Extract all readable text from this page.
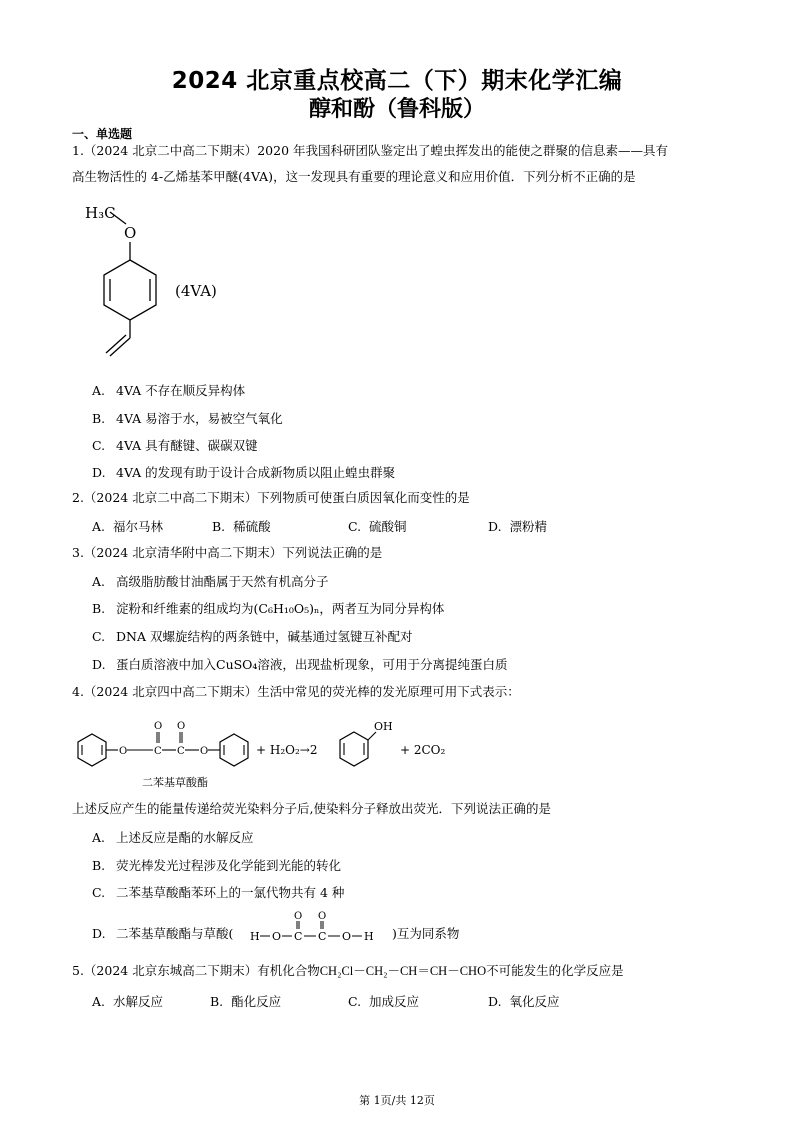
2024 北京重点校高二（下）期末化学汇编
醇和酚（鲁科版）
一、单选题
1.（2024 北京二中高二下期末）2020 年我国科研团队鉴定出了蝗虫挥发出的能使之群聚的信息素——具有
高生物活性的 4-乙烯基苯甲醚(4VA)，这一发现具有重要的理论意义和应用价值．下列分析不正确的是
H₃C
O
(4VA)
A. 4VA 不存在顺反异构体
B. 4VA 易溶于水，易被空气氧化
C. 4VA 具有醚键、碳碳双键
D. 4VA 的发现有助于设计合成新物质以阻止蝗虫群聚
2.（2024 北京二中高二下期末）下列物质可使蛋白质因氧化而变性的是
A. 福尔马林	B. 稀硫酸	C. 硫酸铜	D. 漂粉精
3.（2024 北京清华附中高二下期末）下列说法正确的是
A. 高级脂肪酸甘油酯属于天然有机高分子
B. 淀粉和纤维素的组成均为(C₆H₁₀O₅)ₙ，两者互为同分异构体
C. DNA 双螺旋结构的两条链中，碱基通过氢键互补配对
D. 蛋白质溶液中加入CuSO₄溶液，出现盐析现象，可用于分离提纯蛋白质
4.（2024 北京四中高二下期末）生活中常见的荧光棒的发光原理可用下式表示：
O	C
O
C
O
O	+ H₂O₂→2
OH
+ 2CO₂
二苯基草酸酯
上述反应产生的能量传递给荧光染料分子后,使染料分子释放出荧光．下列说法正确的是
A. 上述反应是酯的水解反应
B. 荧光棒发光过程涉及化学能到光能的转化
C. 二苯基草酸酯苯环上的一氯代物共有 4 种
D. 二苯基草酸酯与草酸( H O C
O
C
O
O H )互为同系物
5.（2024 北京东城高二下期末）有机化合物CH₂Cl－CH₂－CH＝CH－CHO不可能发生的化学反应是
A. 水解反应	B. 酯化反应	C. 加成反应	D. 氧化反应
第 1页/共 12页
